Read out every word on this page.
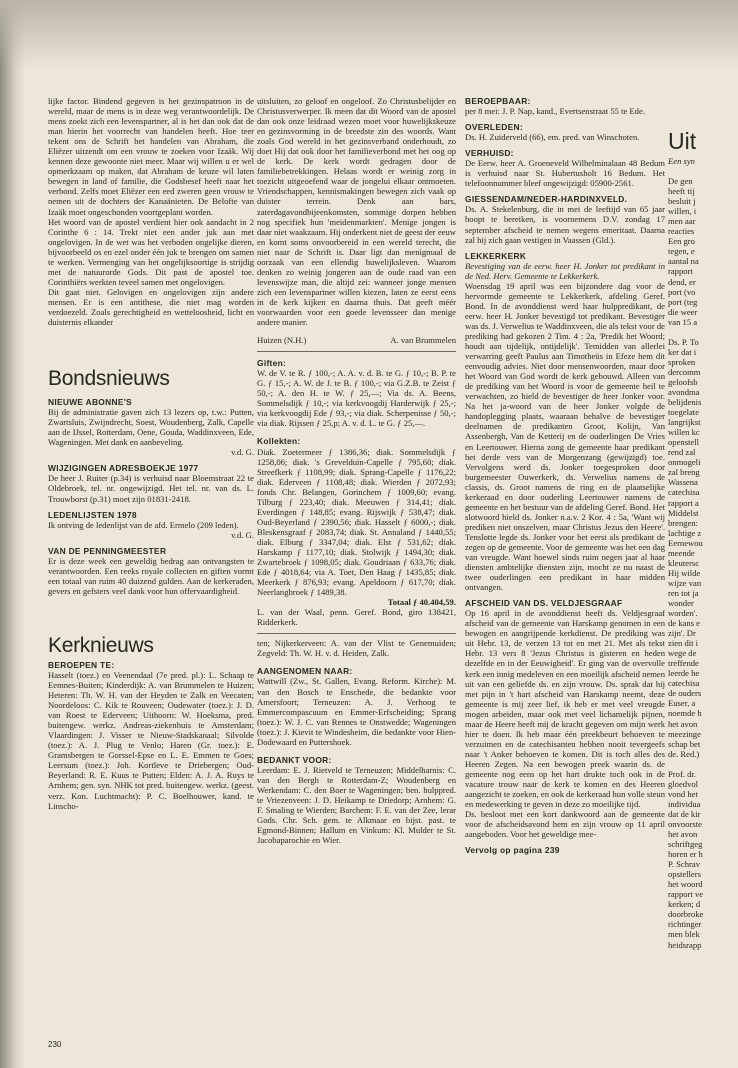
lijke factor. Bindend gegeven is het gezinspatroon in de wereld, maar de mens is in deze weg verantwoordelijk. De mens zoekt zich een levenspartner, al is het dan ook dat de man hierin het voorrecht van handelen heeft. Hoe teer tekent ons de Schrift het handelen van Abraham, die Eliëzer uitzendt om een vrouw te zoeken voor Izaäk. Wij kennen deze gewoonte niet meer. Maar wij willen u er wel opmerkzaam op maken, dat Abraham de keuze wil laten bewegen in land of familie, die Godsbesef heeft naar het verbond. Zelfs moet Eliëzer een eed zweren geen vrouw te nemen uit de dochters der Kanaänieten. De Belofte van Izaäk moet ongeschonden voortgeplant worden.

Het woord van de apostel verdient hier ook aandacht in 2 Corinthe 6 : 14. Trekt niet een ander juk aan met ongelovigen. In de wet was het verboden ongelijke dieren, bijvoorbeeld os en ezel onder één juk te brengen om samen te werken. Vermenging van het ongelijksoortige is strijdig met de natuurorde Gods. Dit past de apostel toe. Corinthiërs werkten teveel samen met ongelovigen.

Dit gaat niet. Gelovigen en ongelovigen zijn andere mensen. Er is een antithese, die niet mag worden verdoezeld. Zoals gerechtigheid en wetteloosheid, licht en duisternis elkander

Bondsnieuws
NIEUWE ABONNE'S

Bij de administratie gaven zich 13 lezers op, t.w.: Putten, Zwartsluis, Zwijndrecht, Soest, Woudenberg, Zalk, Capelle aan de IJssel, Rotterdam, Oene, Gouda, Waddinxveen, Ede, Wageningen. Met dank en aanbeveling.

v.d. G.

WIJZIGINGEN ADRESBOEKJE 1977

De heer J. Ruiter (p.34) is verhuisd naar Bloemstraat 22 te Oldebroek, tel. nr. ongewijzigd. Het tel. nr. van ds. L. Trouwborst (p.31) moet zijn 01831-2418.

LEDENLIJSTEN 1978

Ik ontving de ledenlijst van de afd. Ermelo (209 leden).

v.d. G.

VAN DE PENNINGMEESTER

Er is deze week een geweldig bedrag aan ontvangsten te verantwoorden. Een reeks royale collecten en giften vormt een totaal van ruim 40 duizend gulden. Aan de kerkeraden, gevers en gefsters veel dank voor hun offervaardigheid.

Kerknieuws
BEROEPEN TE:

Hasselt (toez.) en Veenendaal (7e pred. pl.): L. Schaap te Eemnes-Buiten; Kinderdijk: A. van Brummelen te Huizen; Heteren: Th. W. H. van der Heyden te Zalk en Veecaten; Noordeloos: C. Kik te Rouveen; Oudewater (toez.): J. D. van Roest te Ederveen; Uithoorn: W. Hoeksma, pred. buitengew. werkz. Andreas-ziekenhuis te Amsterdam; Vlaardingen: J. Visser te Nieuw-Stadskanaal; Silvolde (toez.): A. J. Plug te Venlo; Haren (Gr. toez.): E. Gramsbergen te Gorssel-Epse en L. E. Emmen te Goes; Leersum (toez.): Joh. Kortleve te Driebergen; Oud-Beyerland: R. E. Kuus te Putten; Elden: A. J. A. Ruys te Arnhem; gen. syn. NHK tot pred. buitengew. werkz. (geest. verz. Kon. Luchtmacht): P. C. Boelhouwer, kand. te Linscho-

uitsluiten, zo geloof en ongeloof. Zo Christusbelijder en Christusverwerper. Ik meen dat dit Woord van de apostel dan ook onze leidraad wezen moet voor huwelijkskeuze en gezinsvorming in de breedste zin des woords. Want zoals God wereld in het gezinsverband onderhoudt, zo doet Hij dat ook door het familieverbond met het oog op de kerk. De kerk wordt gedragen door de familiebetrekkingen. Helaas wordt er weinig zorg in toezicht uitgeoefend waar de jongelui elkaar ontmoeten. Vriendschappen, kennismakingen bewegen zich vaak op duister terrein. Denk aan bars, zaterdagavondbijeenkomsten, sommige dorpen hebben nog specifiek hun 'meidenmarkten'. Menige jongen is daar niet waakzaam. Hij onderkent niet de geest der eeuw en komt soms onvoorbereid in een wereld terecht, die niet naar de Schrift is. Daar ligt dan menigmaal de oorzaak van een ellendig huwelijksleven. Waarom denken zo weinig jongeren aan de oude raad van een levenswijze man, die altijd zei: wanneer jonge mensen zich een levenspartner willen kiezen, laten ze eerst eens in de kerk kijken en daarna thuis. Dat geeft méér voorwaarden voor een goede levensseer dan menige andere manier.

Huizen (N.H.)	A. van Brummelen
Giften:

W. de V. te R. ƒ 100,-; A. A. v. d. B. te G. ƒ 10,-; B. P. te G. ƒ 15,-; A. W. de J. te B. ƒ 100,-; via G.Z.B. te Zeist ƒ 50,-; A. den H. te W. ƒ 25,—; Via ds. A. Beens, Sommelsdijk ƒ 10,-; via kerkvoogdij Harderwijk ƒ 25,-; via kerkvoogdij Ede ƒ 93,-; via diak. Scherpenisse ƒ 50,-; via diak. Rijssen ƒ 25,p; A. v. d. L. te G. ƒ 25,—.

Kollekten:

Diak. Zoetermeer ƒ 1386,36; diak. Sommelsdijk ƒ 1258,06; diak. 's Grevelduin-Capelle ƒ 795,60; diak. Streefkerk ƒ 1108,99; diak. Sprang-Capelle ƒ 1176,22; diak. Ederveen ƒ 1108,48; diak. Wierden ƒ 2072,93; fonds Chr. Belangen, Gorinchem ƒ 1009,60; evang. Tilburg ƒ 223,40; diak. Meeuwen ƒ 314,41; diak. Everdingen ƒ 148,85; evang. Rijswijk ƒ 538,47; diak. Oud-Beyerland ƒ 2390,56; diak. Hasselt ƒ 6000,-; diak. Bleskensgraaf ƒ 2083,74; diak. St. Annaland ƒ 1440,55; diak. Elburg ƒ 3347,04; diak. Elst ƒ 531,62; diak. Harskamp ƒ 1177,10; diak. Stolwijk ƒ 1494,30; diak. Zwartebroek ƒ 1098,05; diak. Goudriaan ƒ 633,76; diak. Ede ƒ 4018,64; via A. Toet, Den Haag ƒ 1435,85; diak. Meerkerk ƒ 876,93; evang. Apeldoorn ƒ 617,70; diak. Neerlangbroek ƒ 1489,38.

Totaal ƒ 40.404,59.

L. van der Waal, penn. Geref. Bond, giro 138421, Ridderkerk.

ten; Nijkerkerveen: A. van der Vlist te Genemuiden; Zegveld: Th. W. H. v. d. Heiden, Zalk.

AANGENOMEN NAAR:

Wattwill (Zw., St. Gallen, Evang. Reform. Kirche): M. van den Bosch te Enschede, die bedankte voor Amersfoort; Terneuzen: A. J. Verhoog te Emmercompascuum en Emmer-Erfscheiding; Sprang (toez.): W. J. C. van Rennes te Onstwedde; Wageningen (toez.): J. Kievit te Windesheim, die bedankte voor Hien-Dodewaard en Puttershoek.

BEDANKT VOOR:

Leerdam: E. J. Rietveld te Terneuzen; Middelharnis: C. van den Bergh te Rotterdam-Z; Woudenberg en Werkendam: C. den Boer te Wageningen; ben. hulppred. te Vriezenveen: J. D. Heikamp te Driedorp; Arnhem: G. F. Smaling te Wierden; Barchem: F. E. van der Zee, lerar Gods. Chr. Sch. gem. te Alkmaar en bijst. past. te Egmond-Binnen; Hallum en Vinkum: Kl. Mulder te St. Jacobaparochie en Wier.

BEROEPBAAR:

per 8 mei: J. P. Nap, kand., Evertsenstraat 55 te Ede.

OVERLEDEN:

Ds. H. Zuiderveld (66), em. pred. van Winschoten.

VERHUISD:

De Eerw. heer A. Groeneveld Wilhelminalaan 48 Bedum is verhuisd naar St. Hubertusholt 16 Bedum. Het telefoonnummer bleef ongewijzigd: 05900-2561.

GIESSENDAM/NEDER-HARDINXVELD.

Ds. A. Stekelenburg, die in mei de leeftijd van 65 jaar hoopt te bereiken, is voornemens D.V. zondag 17 september afscheid te nemen wegens emeritaat. Daarna zal hij zich gaan vestigen in Vaassen (Gld.).

LEKKERKERK

Bevestiging van de eerw. heer H. Jonker tot predikant in de Ned. Herv. Gemeente te Lekkerkerk.

Woensdag 19 april was een bijzondere dag voor de hervormde gemeente te Lekkerkerk, afdeling Geref. Bond. In de avonddienst werd haar hulppredikant, de eerw. heer H. Jonker bevestigd tot predikant. Bevestiger was ds. J. Verwelius te Waddinxveen, die als tekst voor de prediking had gekozen 2 Tim. 4 : 2a, 'Predik het Woord; houdt aan tijdelijk, ontijdelijk'. Temidden van allerlei verwarring geeft Paulus aan Timotheüs in Efeze hem dit eenvoudig advies. Niet door mensenwoorden, maar door het Woord van God wordt de kerk gebouwd. Alleen van de prediking van het Woord is voor de gemeente heil te verwachten, zo hield de bevestiger de heer Jonker voor. Na het ja-woord van de heer Jonker volgde de handoplegging plaats, waaraan behalve de bevestiger deelnamen de predikanten Groot, Kolijn, Van Assenbergh, Van de Ketterij en de ouderlingen De Vries en Leertouwer. Hierna zong de gemeente haar predikant het derde vers van de Morgenzang (gewijzigd) toe. Vervolgens werd ds. Jonker toegesproken door burgemeester Ouwerkerk, ds. Verwelius namens de classis, ds. Groot namens de ring en de plaatselijke kerkeraad en door ouderling Leertouwer namens de gemeente en het bestuur van de afdeling Geref. Bond. Het slotwoord hield ds. Jonker n.a.v. 2 Kor. 4 : 5a, 'Want wij prediken niet onszelven, maar Christus Jezus den Heere'. Tenslotte legde ds. Jonker voor het eerst als predikant de zegen op de gemeente. Voor de gemeente was het een dag van vreugde. Want hoewel sinds ruim negen jaar al haar diensten ambtelijke diensten zijn, mocht ze nu naast de twee ouderlingen een predikant in haar midden ontvangen.

AFSCHEID VAN DS. VELDJESGRAAF

Op 16 april in de avonddienst heeft ds. Veldjesgraaf afscheid van de gemeente van Harskamp genomen in een bewogen en aangrijpende kerkdienst. De prediking was uit Hebr. 13, de verzen 13 tot en met 21. Met als tekst Hebr. 13 vers 8 'Jezus Christus is gisteren en heden dezelfde en in der Eeuwigheid'. Er ging van de overvolle kerk een innig medeleven en een moeilijk afscheid nemen uit van een geliefde ds. en zijn vrouw. Ds. sprak dat hij met pijn in 't hart afscheid van Harskamp neemt, deze gemeente is mij zeer lief, ik heb er met veel vreugde mogen arbeiden, maar ook met veel lichamelijk pijnen, maar de Heere heeft mij de kracht gegeven om mijn werk hier te doen. Ik heb maar één preekbeurt behoeven te verzuimen en de catechisanten hebben nooit tevergeefs naar 't Anker behoeven te komen. Dit is toch alles des Heeren Zegen. Na een bewogen preek waarin ds. de gemeente nog eens op het hart drukte toch ook in de vacature trouw naar de kerk te komen en des Heeren aangezicht te zoeken, en ook de kerkeraad hun volle steun en medewerking te geven in deze zo moeilijke tijd.

Ds. besloot met een kort dankwoord aan de gemeente voor de afscheidsavond hem en zijn vrouw op 11 april aangeboden. Voor het geweldige mee-

Vervolg op pagina 239

Uit
Een syn
De gen
heeft tij
besluit j
willen, i
men aar
reacties
Een gro
tegen, e
aantal na
rapport
dend, er
port (vo
port (teg
die weer
van 15 a
Ds. P. To
ker dat i
sproken
dercomm
geloofsb
avondma
belijdenis
toegelate
langrijkst
willen kc
openstell
rend zal
onmogeli
zal breng
Wassena
catechisa
rapport a
Middelst
brengen:
lachtige z
Eernewou
meende
kleutersc
Hij wilde
wijze van
ren tot ja
wonder
worden'.
de kans e
zijn'. Dr
zien dit i
wege de
treffende
leerde he
catechisa
de ouders
Euser, a
noemde h
het avon
meezinge
schap bet
de. Red.)
Prof. dr.
gloedvol
vond het
individua
dat de kir
onvoorste
het avon
schriftgeg
horen er h
P. Schrav
opstellers
het woord
rapport ve
kerken; d
doorbroke
richtinger
men blek
heidsrapp
230
